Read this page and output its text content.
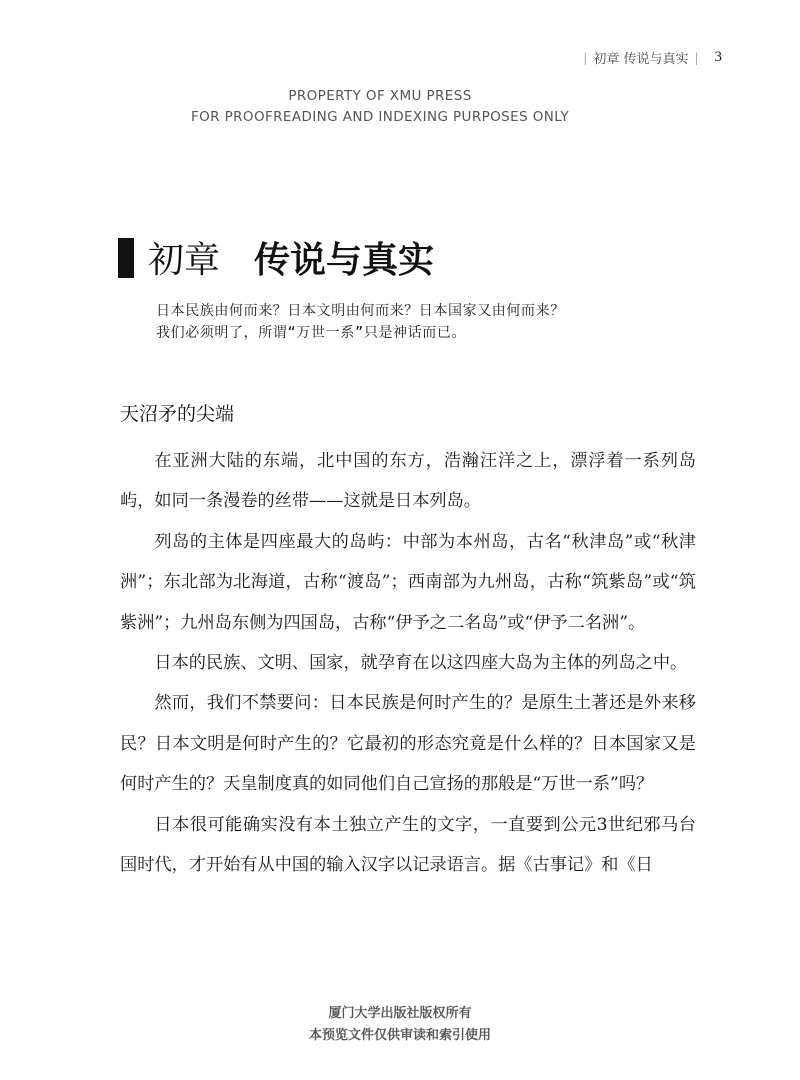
| 初章 传说与真实 | 3
PROPERTY OF XMU PRESS
FOR PROOFREADING AND INDEXING PURPOSES ONLY
初章 传说与真实

日本民族由何而来？日本文明由何而来？日本国家又由何而来？

我们必须明了，所谓“万世一系”只是神话而已。

天沼矛的尖端

在亚洲大陆的东端，北中国的东方，浩瀚汪洋之上，漂浮着一系列岛屿，如同一条漫卷的丝带——这就是日本列岛。

列岛的主体是四座最大的岛屿：中部为本州岛，古名“秋津岛”或“秋津洲”；东北部为北海道，古称“渡岛”；西南部为九州岛，古称“筑紫岛”或“筑紫洲”；九州岛东侧为四国岛，古称“伊予之二名岛”或“伊予二名洲”。

日本的民族、文明、国家，就孕育在以这四座大岛为主体的列岛之中。

然而，我们不禁要问：日本民族是何时产生的？是原生土著还是外来移民？日本文明是何时产生的？它最初的形态究竟是什么样的？日本国家又是何时产生的？天皇制度真的如同他们自己宣扬的那般是“万世一系”吗？

日本很可能确实没有本土独立产生的文字，一直要到公元3世纪邪马台国时代，才开始有从中国的输入汉字以记录语言。据《古事记》和《日

厦门大学出版社版权所有
本预览文件仅供审读和索引使用
